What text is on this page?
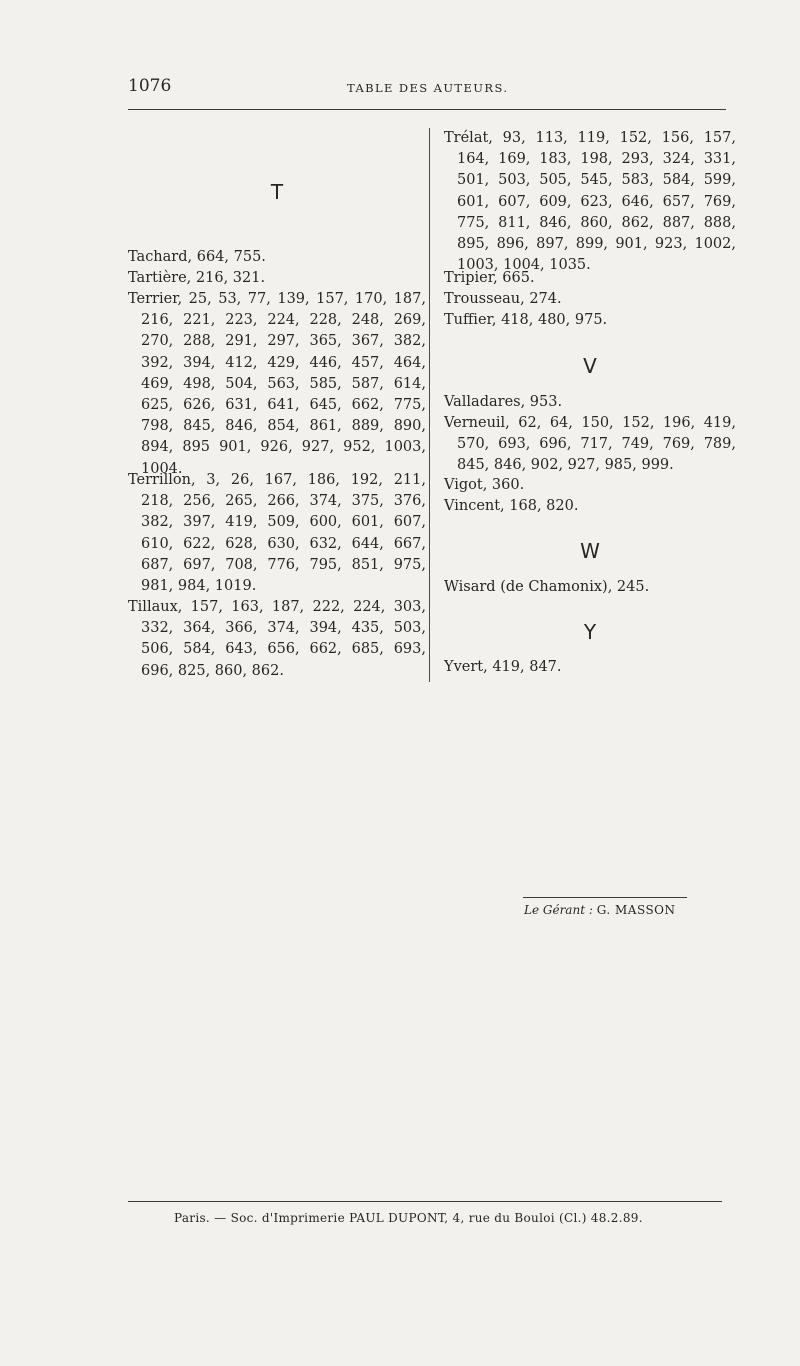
1076	TABLE DES AUTEURS.
T
Tachard, 664, 755.
Tartière, 216, 321.
Terrier, 25, 53, 77, 139, 157, 170, 187, 216, 221, 223, 224, 228, 248, 269, 270, 288, 291, 297, 365, 367, 382, 392, 394, 412, 429, 446, 457, 464, 469, 498, 504, 563, 585, 587, 614, 625, 626, 631, 641, 645, 662, 775, 798, 845, 846, 854, 861, 889, 890, 894, 895 901, 926, 927, 952, 1003, 1004.
Terrillon, 3, 26, 167, 186, 192, 211, 218, 256, 265, 266, 374, 375, 376, 382, 397, 419, 509, 600, 601, 607, 610, 622, 628, 630, 632, 644, 667, 687, 697, 708, 776, 795, 851, 975, 981, 984, 1019.
Tillaux, 157, 163, 187, 222, 224, 303, 332, 364, 366, 374, 394, 435, 503, 506, 584, 643, 656, 662, 685, 693, 696, 825, 860, 862.
Trélat, 93, 113, 119, 152, 156, 157, 164, 169, 183, 198, 293, 324, 331, 501, 503, 505, 545, 583, 584, 599, 601, 607, 609, 623, 646, 657, 769, 775, 811, 846, 860, 862, 887, 888, 895, 896, 897, 899, 901, 923, 1002, 1003, 1004, 1035.
Tripier, 665.
Trousseau, 274.
Tuffier, 418, 480, 975.
V
Valladares, 953.
Verneuil, 62, 64, 150, 152, 196, 419, 570, 693, 696, 717, 749, 769, 789, 845, 846, 902, 927, 985, 999.
Vigot, 360.
Vincent, 168, 820.
W
Wisard (de Chamonix), 245.
Y
Yvert, 419, 847.
Le Gérant : G. MASSON
Paris. — Soc. d'Imprimerie PAUL DUPONT, 4, rue du Bouloi (Cl.) 48.2.89.
